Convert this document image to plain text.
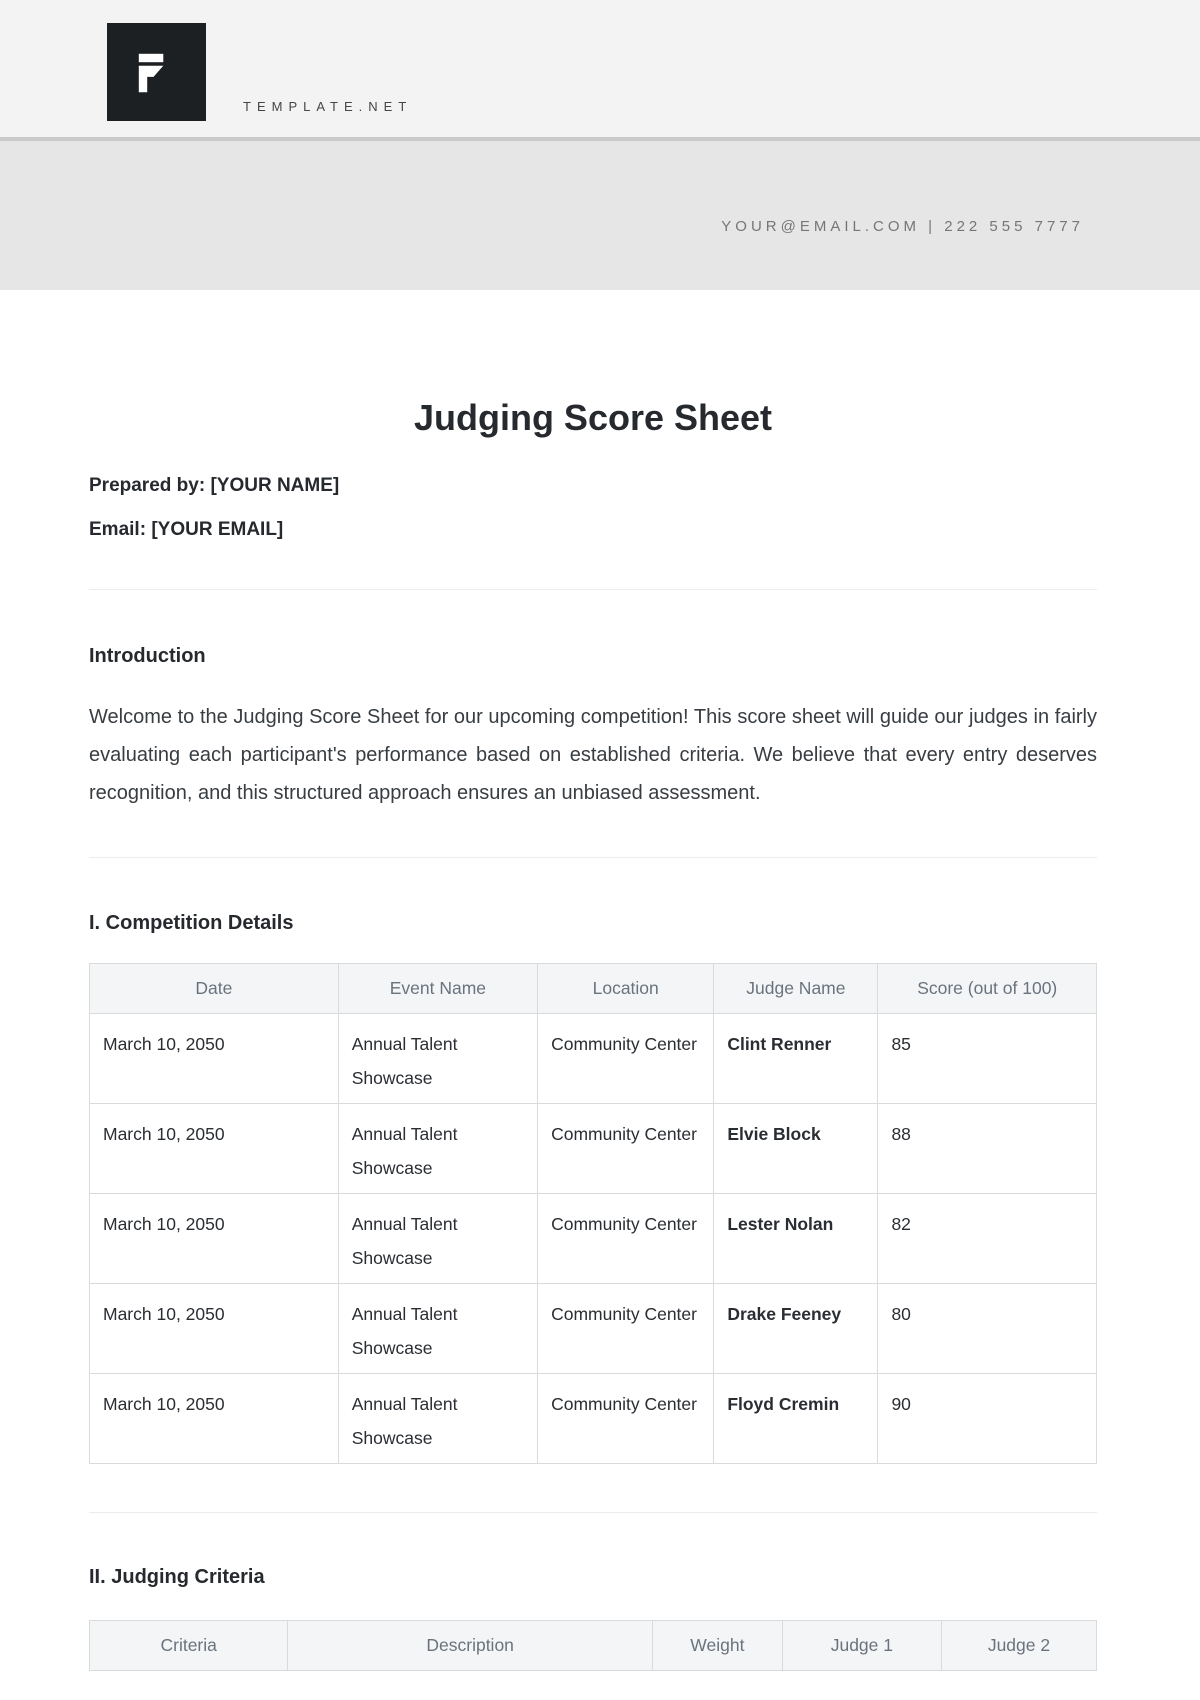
TEMPLATE.NET
YOUR@EMAIL.COM | 222 555 7777
Judging Score Sheet
Prepared by: [YOUR NAME]
Email: [YOUR EMAIL]
Introduction

Welcome to the Judging Score Sheet for our upcoming competition! This score sheet will guide our judges in fairly evaluating each participant's performance based on established criteria. We believe that every entry deserves recognition, and this structured approach ensures an unbiased assessment.

I. Competition Details
Date	Event Name	Location	Judge Name	Score (out of 100)
March 10, 2050	Annual Talent Showcase	Community Center	Clint Renner	85
March 10, 2050	Annual Talent Showcase	Community Center	Elvie Block	88
March 10, 2050	Annual Talent Showcase	Community Center	Lester Nolan	82
March 10, 2050	Annual Talent Showcase	Community Center	Drake Feeney	80
March 10, 2050	Annual Talent Showcase	Community Center	Floyd Cremin	90
II. Judging Criteria
Criteria	Description	Weight	Judge 1	Judge 2
